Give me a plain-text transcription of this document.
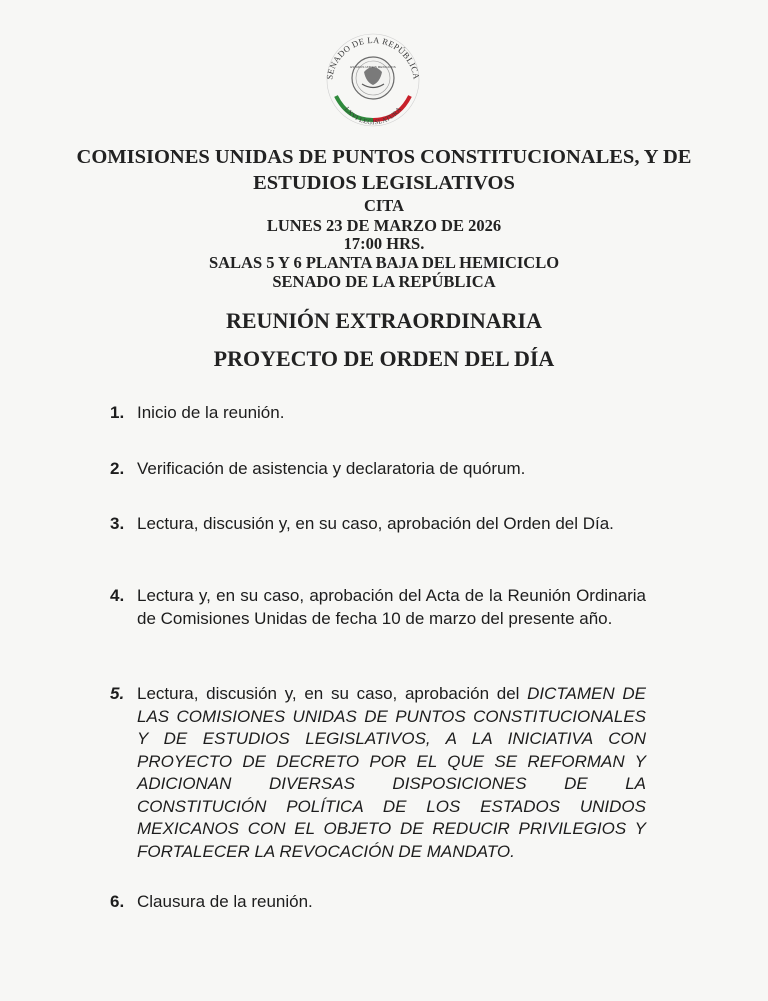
SENADO DE LA REPÚBLICA
ESTADOS UNIDOS MEXICANOS
LXVI LEGISLATURA
COMISIONES UNIDAS DE PUNTOS CONSTITUCIONALES, Y DE ESTUDIOS LEGISLATIVOS
CITA
LUNES 23 DE MARZO DE 2026
17:00 HRS.
SALAS 5 Y 6 PLANTA BAJA DEL HEMICICLO
SENADO DE LA REPÚBLICA
REUNIÓN EXTRAORDINARIA
PROYECTO DE ORDEN DEL DÍA
1. Inicio de la reunión.
2. Verificación de asistencia y declaratoria de quórum.
3. Lectura, discusión y, en su caso, aprobación del Orden del Día.
4. Lectura y, en su caso, aprobación del Acta de la Reunión Ordinaria de Comisiones Unidas de fecha 10 de marzo del presente año.
5. Lectura, discusión y, en su caso, aprobación del DICTAMEN DE LAS COMISIONES UNIDAS DE PUNTOS CONSTITUCIONALES Y DE ESTUDIOS LEGISLATIVOS, A LA INICIATIVA CON PROYECTO DE DECRETO POR EL QUE SE REFORMAN Y ADICIONAN DIVERSAS DISPOSICIONES DE LA CONSTITUCIÓN POLÍTICA DE LOS ESTADOS UNIDOS MEXICANOS CON EL OBJETO DE REDUCIR PRIVILEGIOS Y FORTALECER LA REVOCACIÓN DE MANDATO.
6. Clausura de la reunión.
